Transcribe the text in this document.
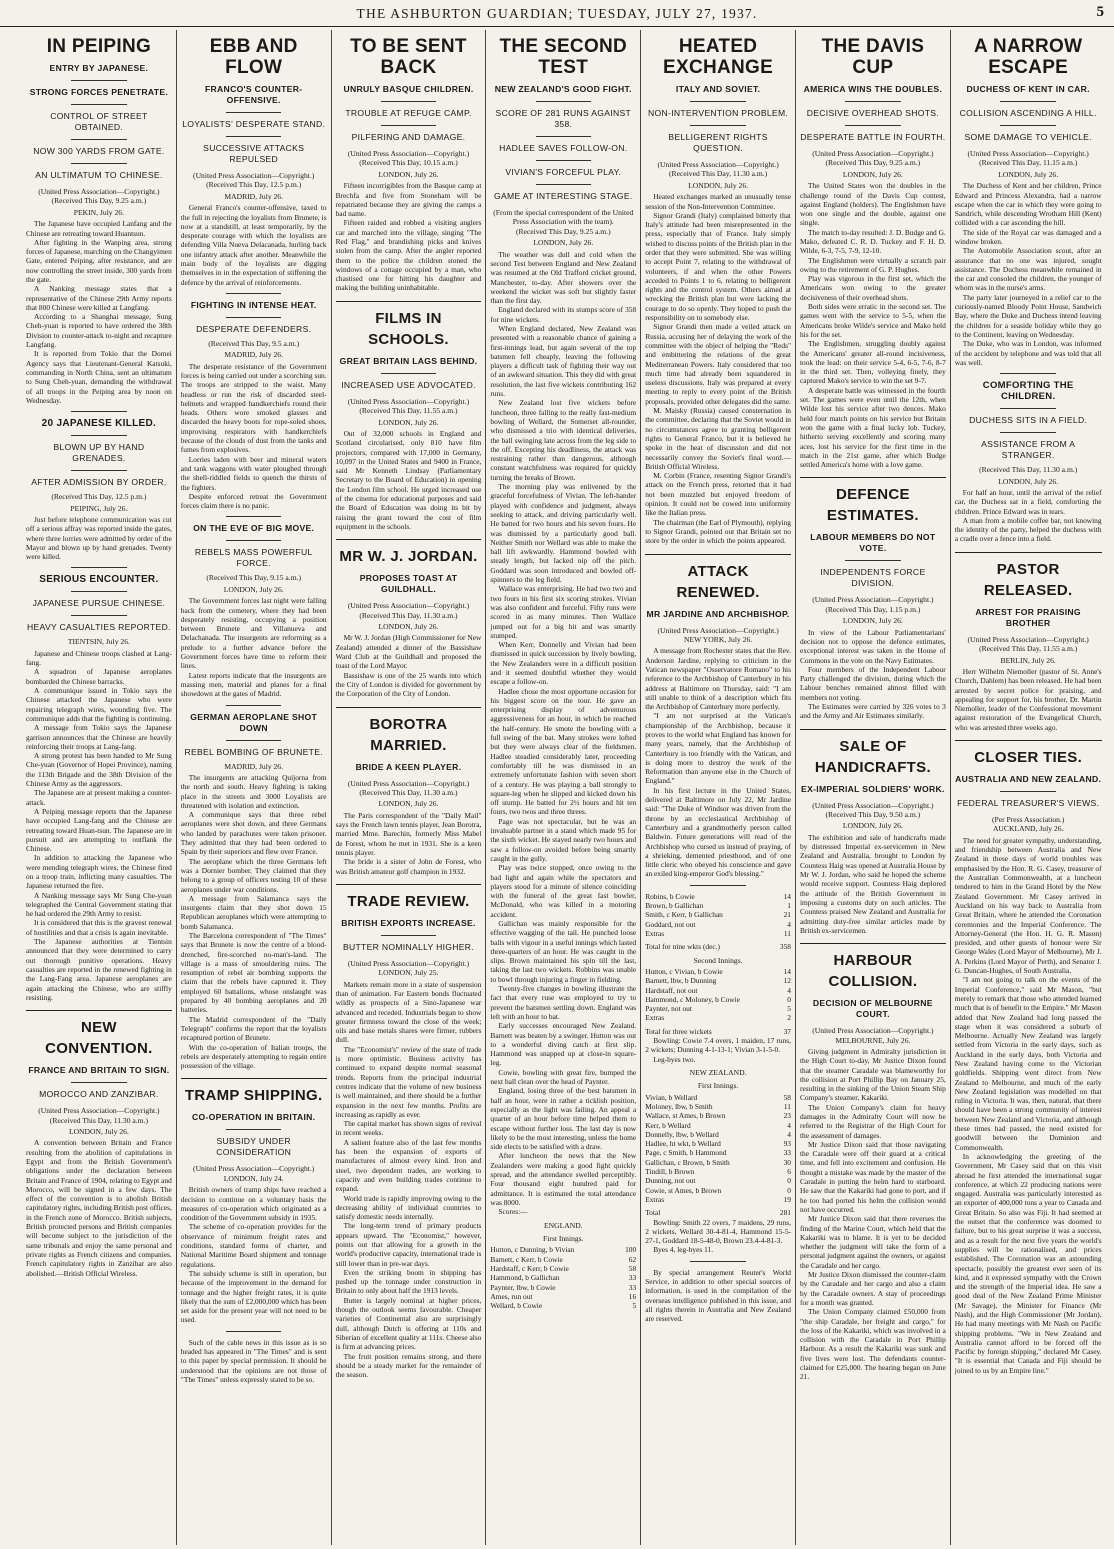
THE ASHBURTON GUARDIAN; TUESDAY, JULY 27, 1937.	5
IN PEIPING
ENTRY BY JAPANESE.
STRONG FORCES PENETRATE.
CONTROL OF STREET OBTAINED.
NOW 300 YARDS FROM GATE.
AN ULTIMATUM TO CHINESE.
(United Press Association—Copyright.)
(Received This Day, 9.25 a.m.)
PEKIN, July 26.

The Japanese have occupied Lanfang and the Chinese are retreating toward Huantsun.

After fighting in the Wanping area, strong forces of Japanese, marching on the Changyimen Gate, entered Peiping, after resistance, and are now controlling the street inside, 300 yards from the gate.

A Nanking message states that a representative of the Chinese 29th Army reports that 800 Chinese were killed at Langfang.

According to a Shanghai message, Sung Cheh-yuan is reported to have ordered the 38th Division to counter-attack to-night and recapture Langfang.

It is reported from Tokio that the Domei Agency says that Lieutenant-General Katsuki, commanding in North China, sent an ultimatum to Sung Cheh-yuan, demanding the withdrawal of all troops in the Peiping area by noon on Wednesday.

20 JAPANESE KILLED.
BLOWN UP BY HAND GRENADES.
AFTER ADMISSION BY ORDER.
(Received This Day, 12.5 p.m.)
PEIPING, July 26.

Just before telephone communication was cut off a serious affray was reported inside the gates, where three lorries were admitted by order of the Mayor and blown up by hand grenades. Twenty were killed.

SERIOUS ENCOUNTER.
JAPANESE PURSUE CHINESE.
HEAVY CASUALTIES REPORTED.
TIENTSIN, July 26.

Japanese and Chinese troops clashed at Lang-fang.

A squadron of Japanese aeroplanes bombarded the Chinese barracks.

A communique issued in Tokio says the Chinese attacked the Japanese who were repairing telegraph wires, wounding five. The communique adds that the fighting is continuing.

A message from Tokio says the Japanese garrison announces that the Chinese are heavily reinforcing their troops at Lang-fang.

A strong protest has been handed to Mr Sung Che-yuan (Governor of Hopei Province), naming the 113th Brigade and the 38th Division of the Chinese Army as the aggressors.

The Japanese are at present making a counter-attack.

A Peiping message reports that the Japanese have occupied Lang-fang and the Chinese are retreating toward Huan-tsun. The Japanese are in pursuit and are attempting to outflank the Chinese.

In addition to attacking the Japanese who were mending telegraph wires, the Chinese fired on a troop train, inflicting many casualties. The Japanese returned the fire.

A Nanking message says Mr Sung Che-yuan telegraphed the Central Government stating that he had ordered the 29th Army to resist.

It is considered that this is the gravest renewal of hostilities and that a crisis is again inevitable.

The Japanese authorities at Tientsin announced that they were determined to carry out thorough punitive operations. Heavy casualties are reported in the renewed fighting in the Lang-Fang area. Japanese aeroplanes are again attacking the Chinese, who are stiffly resisting.

NEW CONVENTION.
FRANCE AND BRITAIN TO SIGN.
MOROCCO AND ZANZIBAR.
(United Press Association—Copyright.)
(Received This Day, 11.30 a.m.)
LONDON, July 26.

A convention between Britain and France resulting from the abolition of capitulations in Egypt and from the British Government's obligations under the declaration between Britain and France of 1904, relating to Egypt and Morocco, will be signed in a few days. The effect of the convention is to abolish British capitulatory rights, including British post offices, in the French zone of Morocco. British subjects, British protected persons and British companies will become subject to the jurisdiction of the same tribunals and enjoy the same personal and private rights as French citizens and companies. French capitulatory rights in Zanzibar are also abolished.—British Official Wireless.

EBB AND FLOW
FRANCO'S COUNTER-OFFENSIVE.
LOYALISTS' DESPERATE STAND.
SUCCESSIVE ATTACKS REPULSED
(United Press Association—Copyright.)
(Received This Day, 12.5 p.m.)
MADRID, July 26.

General Franco's counter-offensive, taxed to the full in rejecting the loyalists from Brunete, is now at a standstill, at least temporarily, by the desperate courage with which the loyalists are defending Villa Nueva Delacanada, hurling back one infantry attack after another. Meanwhile the main body of the loyalists are digging themselves in in the expectation of stiffening the defence by the arrival of reinforcements.

FIGHTING IN INTENSE HEAT.
DESPERATE DEFENDERS.
(Received This Day, 9.5 a.m.)
MADRID, July 26.

The desperate resistance of the Government forces is being carried out under a scorching sun. The troops are stripped to the waist. Many headless or run the risk of discarded steel-helmets and wrapped handkerchiefs round their heads. Others wore smoked glasses and discarded the heavy boots for rope-soled shoes, improvising respirators with handkerchiefs because of the clouds of dust from the tanks and fumes from explosives.

Lorries laden with beer and mineral waters and tank waggons with water ploughed through the shell-riddled fields to quench the thirsts of the fighters.

Despite enforced retreat the Government forces claim there is no panic.

ON THE EVE OF BIG MOVE.
REBELS MASS POWERFUL FORCE.
(Received This Day, 9.15 a.m.)
LONDON, July 26.

The Government forces last night were falling back from the cemetery, where they had been desperately resisting, occupying a position between Brunete and Villanueva and Delachanada. The insurgents are reforming as a prelude to a further advance before the Government forces have time to reform their lines.

Latest reports indicate that the insurgents are massing men, material and planes for a final showdown at the gates of Madrid.

GERMAN AEROPLANE SHOT DOWN
REBEL BOMBING OF BRUNETE.
MADRID, July 26.

The insurgents are attacking Quijorna from the north and south. Heavy fighting is taking place in the streets and 3000 Loyalists are threatened with isolation and extinction.

A communique says that three rebel aeroplanes were shot down, and three Germans who landed by parachutes were taken prisoner. They admitted that they had been ordered to Spain by their superiors and flew over France.

The aeroplane which the three Germans left was a Dornier bomber. They claimed that they belong to a group of officers testing 10 of these aeroplanes under war conditions.

A message from Salamanca says the insurgents claim that they shot down 15 Republican aeroplanes which were attempting to bomb Salamanca.

The Barcelona correspondent of "The Times" says that Brunete is now the centre of a blood-drenched, fire-scorched no-man's-land. The village is a mass of smouldering ruins. The resumption of rebel air bombing supports the claim that the rebels have captured it. They employed 60 battalions, whose onslaught was prepared by 40 bombing aeroplanes and 20 batteries.

The Madrid correspondent of the "Daily Telegraph" confirms the report that the loyalists recaptured portion of Brunete.

With the co-operation of Italian troops, the rebels are desperately attempting to regain entire possession of the village.

TRAMP SHIPPING.
CO-OPERATION IN BRITAIN.
SUBSIDY UNDER CONSIDERATION
(United Press Association—Copyright.)
LONDON, July 24.

British owners of tramp ships have reached a decision to continue on a voluntary basis the measures of co-operation which originated as a condition of the Government subsidy in 1935.

The scheme of co-operation provides for the observance of minimum freight rates and conditions, standard forms of charter, and National Maritime Board shipment and tonnage regulations.

The subsidy scheme is still in operation, but because of the improvement in the demand for tonnage and the higher freight rates, it is quite likely that the sum of £2,000,000 which has been set aside for the present year will not need to be used.

Such of the cable news in this issue as is so headed has appeared in "The Times" and is sent to this paper by special permission. It should be understood that the opinions are not those of "The Times" unless expressly stated to be so.

TO BE SENT BACK
UNRULY BASQUE CHILDREN.
TROUBLE AT REFUGE CAMP.
PILFERING AND DAMAGE.
(United Press Association—Copyright.)
(Received This Day, 10.15 a.m.)
LONDON, July 26.

Fifteen incorrigibles from the Basque camp at Brechfa and five from Stoneham will be repatriated because they are giving the camps a bad name.

Fifteen raided and robbed a visiting anglers car and marched into the village, singing "The Red Flag," and brandishing picks and knives stolen from the camp. After the angler reported them to the police the children stoned the windows of a cottage occupied by a man, who chastised one for hitting his daughter and making the building uninhabitable.

FILMS IN SCHOOLS.
GREAT BRITAIN LAGS BEHIND.
INCREASED USE ADVOCATED.
(United Press Association—Copyright.)
(Received This Day, 11.55 a.m.)
LONDON, July 26.

Out of 32,000 schools in England and Scotland circularised, only 810 have film projectors, compared with 17,000 in Germany, 10,097 in the United States and 9400 in France, said Mr Kenneth Lindsay (Parliamentary Secretary to the Board of Education) in opening the London film school. He urged increased use of the cinema for educational purposes and said the Board of Education was doing its bit by raising the grant toward the cost of film equipment in the schools.

MR W. J. JORDAN.
PROPOSES TOAST AT GUILDHALL.
(United Press Association—Copyright.)
(Received This Day, 11.30 a.m.)
LONDON, July 26.

Mr W. J. Jordan (High Commissioner for New Zealand) attended a dinner of the Bassishaw Ward Club at the Guildhall and proposed the toast of the Lord Mayor.

Bassishaw is one of the 25 wards into which the City of London is divided for government by the Corporation of the City of London.

BOROTRA MARRIED.
BRIDE A KEEN PLAYER.
(United Press Association—Copyright.)
(Received This Day, 11.30 a.m.)
LONDON, July 26.

The Paris correspondent of the "Daily Mail" says the French lawn tennis player, Jean Borotra, married Mme. Barechin, formerly Miss Mabel de Forest, whom he met in 1931. She is a keen tennis player.

The bride is a sister of John de Forest, who was British amateur golf champion in 1932.

TRADE REVIEW.
BRITISH EXPORTS INCREASE.
BUTTER NOMINALLY HIGHER.
(United Press Association—Copyright.)
LONDON, July 25.

Markets remain more in a state of suspension than of animation. Far Eastern bonds fluctuated wildly as prospects of a Sino-Japanese war advanced and receded. Industrials began to show greater firmness toward the close of the week; oils and base metals shares were firmer, rubbers dull.

The "Economist's" review of the state of trade is more optimistic. Business activity has continued to expand despite normal seasonal trends. Reports from the principal industrial centres indicate that the volume of new business is well maintained, and there should be a further expansion in the next few months. Profits are increasing as rapidly as ever.

The capital market has shown signs of revival in recent weeks.

A salient feature also of the last few months has been the expansion of exports of manufactures of almost every kind. Iron and steel, two dependent trades, are working to capacity and even building trades continue to expand.

World trade is rapidly improving owing to the decreasing ability of individual countries to satisfy domestic needs internally.

The long-term trend of primary products appears upward. The "Economist," however, points out that allowing for a growth in the world's productive capacity, international trade is still lower than in pre-war days.

Even the striking boom in shipping has pushed up the tonnage under construction in Britain to only about half the 1913 levels.

Butter is largely nominal at higher prices, though the outlook seems favourable. Cheaper varieties of Continental also are surprisingly dull, although Dutch is offering at 110s and Siberian of excellent quality at 111s. Cheese also is firm at advancing prices.

The fruit position remains strong, and there should be a steady market for the remainder of the season.

THE SECOND TEST
NEW ZEALAND'S GOOD FIGHT.
SCORE OF 281 RUNS AGAINST 358.
HADLEE SAVES FOLLOW-ON.
VIVIAN'S FORCEFUL PLAY.
GAME AT INTERESTING STAGE.
(From the special correspondent of the United Press Association with the team).
(Received This Day, 9.25 a.m.)
LONDON, July 26.

The weather was dull and cold when the second Test between England and New Zealand was resumed at the Old Trafford cricket ground, Manchester, to-day. After showers over the weekend the wicket was soft but slightly faster than the first day.

England declared with its stumps score of 358 for nine wickets.

When England declared, New Zealand was presented with a reasonable chance of gaining a first-innings lead, but again several of the top batsmen fell cheaply, leaving the following players a difficult task of fighting their way out of an awkward situation. This they did with great resolution, the last five wickets contributing 162 runs.

New Zealand lost five wickets before luncheon, three falling to the really fast-medium bowling of Wellard, the Somerset all-rounder, who dismissed a trio with identical deliveries, the ball swinging late across from the leg side to the off. Excepting his deadliness, the attack was restraining rather than dangerous, although constant watchfulness was required for quickly turning the breaks of Brown.

The morning play was enlivened by the graceful forcefulness of Vivian. The left-hander played with confidence and judgment, always seeking to attack, and driving particularly well. He batted for two hours and his seven fours. He was dismissed by a particularly good ball. Neither Smith nor Wellard was able to make the ball lift awkwardly. Hammond bowled with steady length, but lacked nip off the pitch. Goddard was soon introduced and bowled off-spinners to the leg field.

Wallace was enterprising. He had two two and two fours in his first six scoring strokes. Vivian was also confident and forceful. Fifty runs were scored in as many minutes. Then Wallace jumped out for a big hit and was smartly stumped.

When Kerr, Donnelly and Vivian had been dismissed in quick succession by lively bowling, the New Zealanders were in a difficult position and it seemed doubtful whether they would escape a follow-on.

Hadlee chose the most opportune occasion for his biggest score on the tour. He gave an enterprising display of adventurous aggressiveness for an hour, in which he reached the half-century. He smote the bowling with a full swing of the bat. Many strokes were lofted but they were always clear of the fieldsmen. Hadlee steadied considerably later, proceeding comfortably till he was dismissed in an extremely unfortunate fashion with seven short of a century. He was playing a ball strongly to square-leg when he slipped and kicked down his off stump. He batted for 2½ hours and hit ten fours, two twos and three threes.

Page was not spectacular, but he was an invaluable partner in a stand which made 95 for the sixth wicket. He stayed nearly two hours and saw a follow-on avoided before being smartly caught in the gully.

Play was twice stopped, once owing to the bad light and again while the spectators and players stood for a minute of silence coinciding with the funeral of the great fast bowler, McDonald, who was killed in a motoring accident.

Gallichan was mainly responsible for the effective wagging of the tail. He punched loose balls with vigour in a useful innings which lasted three-quarters of an hour. He was caught in the slips. Brown maintained his spin till the last, taking the last two wickets. Robbins was unable to bowl through injuring a finger in fielding.

Twenty-five changes in bowling illustrate the fact that every ruse was employed to try to prevent the batsmen settling down. England was left with an hour to bat.

Early successes encouraged New Zealand. Barnett was beaten by a swinger. Hutton was out to a wonderful diving catch at first slip. Hammond was snapped up at close-in square-leg.

Cowie, bowling with great fire, bumped the next ball clean over the head of Paynter.

England, losing three of the best batsmen in half an hour, were in rather a ticklish position, especially as the light was failing. An appeal a quarter of an hour before time helped them to escape without further loss. The last day is now likely to be the most interesting, unless the home side elects to be satisfied with a draw.

After luncheon the news that the New Zealanders were making a good fight quickly spread, and the attendance swelled perceptibly. Four thousand eight hundred paid for admittance. It is estimated the total attendance was 8000.

Scores:—

ENGLAND.
First Innings.
Hutton, c Dunning, b Vivian	100
Barnett, c Kerr, b Cowie	62
Hardstaff, c Kerr, b Cowie	58
Hammond, b Gallichan	33
Paynter, lbw, b Cowie	33
Ames, run out	16
Wellard, b Cowie	5
HEATED EXCHANGE
ITALY AND SOVIET.
NON-INTERVENTION PROBLEM.
BELLIGERENT RIGHTS QUESTION.
(United Press Association—Copyright.)
(Received This Day, 11.30 a.m.)
LONDON, July 26.

Heated exchanges marked an unusually tense session of the Non-Intervention Committee.

Signor Grandi (Italy) complained bitterly that Italy's attitude had been misrepresented in the press, especially that of France. Italy simply wished to discuss points of the British plan in the order that they were submitted. She was willing to accept Point 7, relating to the withdrawal of volunteers, if and when the other Powers acceded to Points 1 to 6, relating to belligerent rights and the control system. Others aimed at wrecking the British plan but were lacking the courage to do so openly. They hoped to push the responsibility on to somebody else.

Signor Grandi then made a veiled attack on Russia, accusing her of delaying the work of the committee with the object of helping the "Reds" and embittering the relations of the great Mediterranean Powers. Italy considered that too much time had already been squandered in useless discussions. Italy was prepared at every meeting to reply to every point of the British proposals, provided other delegates did the same.

M. Maisky (Russia) caused consternation in the committee, declaring that the Soviet would in no circumstances agree to granting belligerent rights to General Franco, but it is believed he spoke in the heat of discussion and did not necessarily convey the Soviet's final word.—British Official Wireless.

M. Corbin (France, resenting Signor Grandi's attack on the French press, retorted that it had not been muzzled but enjoyed freedom of opinion. It could not be cowed into uniformity like the Italian press.

The chairman (the Earl of Plymouth), replying to Signor Grandi, pointed out that Britain set no store by the order in which the points appeared.

ATTACK RENEWED.
MR JARDINE AND ARCHBISHOP.
(United Press Association—Copyright.)
NEW YORK, July 26.

A message from Rochester states that the Rev. Anderson Jardine, replying to criticism in the Vatican newspaper "Osservatore Romano" to his reference to the Archbishop of Canterbury in his address at Baltimore on Thursday, said: "I am still unable to think of a description which fits the Archbishop of Canterbury more perfectly.

"I am not surprised at the Vatican's championship of the Archbishop, because it proves to the world what England has known for many years, namely, that the Archbishop of Canterbury is too friendly with the Vatican, and is doing more to destroy the work of the Reformation than anyone else in the Church of England."

In his first lecture in the United States, delivered at Baltimore on July 22, Mr Jardine said: "The Duke of Windsor was driven from the throne by an ecclesiastical Archbishop of Canterbury and a grandmotherly person called Baldwin. Future generations will read of the Archbishop who cursed us instead of praying, of a shrieking, demented priesthood, and of one little cleric who obeyed his conscience and gave an exiled king-emperor God's blessing."

Robins, b Cowie	14
Brown, b Gallichan	1
Smith, c Kerr, b Gallichan	21
Goddard, not out	4
Extras	11
Total for nine wkts (dec.)	358
Second Innings.
Hutton, c Vivian, b Cowie	14
Barnett, lbw, b Dunning	12
Hardstaff, not out	4
Hammond, c Moloney, b Cowie	0
Paynter, not out	5
Extras	2
Total for three wickets	37

Bowling: Cowie 7.4 overs, 1 maiden, 17 runs, 2 wickets; Dunning 4-1-13-1; Vivian 3-1-5-0.

Leg-byes two.

NEW ZEALAND.
First Innings.
Vivian, b Wellard	58
Moloney, lbw, b Smith	11
Wallace, st Ames, b Brown	23
Kerr, b Wellard	4
Donnelly, lbw, b Wellard	4
Hadlee, ht wkt, b Wellard	93
Page, c Smith, b Hammond	33
Gallichan, c Brown, b Smith	30
Tindill, b Brown	6
Dunning, not out	0
Cowie, st Ames, b Brown	0
Extras	19
Total	281

Bowling: Smith 22 overs, 7 maidens, 29 runs, 2 wickets, Wellard 30-4-81-4, Hammond 15-5-27-1, Goddard 18-5-48-0, Brown 23.4-4-81-3.

Byes 4, leg-byes 11.

By special arrangement Reuter's World Service, in addition to other special sources of information, is used in the compilation of the overseas intelligence published in this issue, and all rights therein in Australia and New Zealand are reserved.

THE DAVIS CUP
AMERICA WINS THE DOUBLES.
DECISIVE OVERHEAD SHOTS.
DESPERATE BATTLE IN FOURTH.
(United Press Association—Copyright.)
(Received This Day, 9.25 a.m.)
LONDON, July 26.

The United States won the doubles in the challenge round of the Davis Cup contest, against England (holders). The Englishmen have won one single and the double, against one single.

The match to-day resulted: J. D. Budge and G. Mako, defeated C. R. D. Tuckey and F. H. D. Wilde, 6-3, 7-5, 7-9, 12-10.

The Englishmen were virtually a scratch pair owing to the retirement of G. P. Hughes.

Play was vigorous in the first set, which the Americans won owing to the greater decisiveness of their overhead shots.

Both sides were erratic in the second set. The games went with the service to 5-5, when the Americans broke Wilde's service and Mako held his for the set.

The Englishmen, struggling doubly against the Americans' greater all-round incisiveness, took the lead: on their service 5-4, 6-5, 7-6, 8-7 in the third set. Then, volleying finely, they captured Mako's service to win the set 9-7.

A desperate battle was witnessed in the fourth set. The games were even until the 12th, when Wilde lost his service after two deuces. Mako held four match points on his service but Britain won the game with a final lucky lob. Tuckey, hitherto serving excellently and scoring many aces, lost his service for the first time in the match in the 21st game, after which Budge settled America's home with a love game.

DEFENCE ESTIMATES.
LABOUR MEMBERS DO NOT VOTE.
INDEPENDENTS FORCE DIVISION.
(United Press Association—Copyright.)
(Received This Day, 1.15 p.m.)
LONDON, July 26.

In view of the Labour Parliamentarians' decision not to oppose the defence estimates, exceptional interest was taken in the House of Commons in the vote on the Navy Estimates.

Four members of the Independent Labour Party challenged the division, during which the Labour benches remained almost filled with members not voting.

The Estimates were carried by 326 votes to 3 and the Army and Air Estimates similarly.

SALE OF HANDICRAFTS.
EX-IMPERIAL SOLDIERS' WORK.
(United Press Association—Copyright.)
(Received This Day, 9.50 a.m.)
LONDON, July 26.

The exhibition and sale of handicrafts made by distressed Imperial ex-servicemen in New Zealand and Australia, brought to London by Countess Haig was opened at Australia House by Mr W. J. Jordan, who said he hoped the scheme would receive support. Countess Haig deplored the attitude of the British Government in imposing a customs duty on such articles. The Countess praised New Zealand and Australia for admitting duty-free similar articles made by British ex-servicemen.

HARBOUR COLLISION.
DECISION OF MELBOURNE COURT.
(United Press Association—Copyright.)
MELBOURNE, July 26.

Giving judgment in Admiralty jurisdiction in the High Court to-day, Mr Justice Dixon found that the steamer Caradale was blameworthy for the collision at Port Phillip Bay on January 25, resulting in the sinking of the Union Steam Ship Company's steamer, Kakariki.

The Union Company's claim for heavy damages in the Admiralty Court will now be referred to the Registrar of the High Court for the assessment of damages.

Mr Justice Dixon said that those navigating the Caradale were off their guard at a critical time, and fell into excitement and confusion. He thought a mistake was made by the master of the Caradale in putting the helm hard to starboard. He saw that the Kakariki had gone to port, and if he too had ported his helm the collision would not have occurred.

Mr Justice Dixon said that there reverses the finding of the Marine Court, which held that the Kakariki was to blame. It is yet to be decided whether the judgment will take the form of a personal judgment against the owners, or against the Caradale and her cargo.

Mr Justice Dixon dismissed the counter-claim by the Caradale and her cargo and also a claim by the Caradale owners. A stay of proceedings for a month was granted.

The Union Company claimed £50,000 from "the ship Caradale, her freight and cargo," for the loss of the Kakariki, which was involved in a collision with the Caradale in Port Phillip Harbour. As a result the Kakariki was sunk and five lives were lost. The defendants counter-claimed for £25,000. The hearing began on June 21.

A NARROW ESCAPE
DUCHESS OF KENT IN CAR.
COLLISION ASCENDING A HILL.
SOME DAMAGE TO VEHICLE.
(United Press Association—Copyright.)
(Received This Day, 11.15 a.m.)
LONDON, July 26.

The Duchess of Kent and her children, Prince Edward and Princess Alexandra, had a narrow escape when the car in which they were going to Sandrich, while descending Wrotham Hill (Kent) collided with a car ascending the hill.

The side of the Royal car was damaged and a window broken.

The Automobile Association scout, after an assurance that no one was injured, sought assistance. The Duchess meanwhile remained in the car and consoled the children, the younger of whom was in the nurse's arms.

The party later journeyed in a relief car to the curiously-named Bloody Point House, Sandwich Bay, where the Duke and Duchess intend leaving the children for a seaside holiday while they go to the Continent, leaving on Wednesday.

The Duke, who was in London, was informed of the accident by telephone and was told that all was well.

COMFORTING THE CHILDREN.
DUCHESS SITS IN A FIELD.
ASSISTANCE FROM A STRANGER.
(Received This Day, 11.30 a.m.)
LONDON, July 26.

For half an hour, until the arrival of the relief car, the Duchess sat in a field, comforting the children. Prince Edward was in tears.

A man from a mobile coffee bar, not knowing the identity of the party, helped the duchess with a cradle over a fence into a field.

PASTOR RELEASED.
ARREST FOR PRAISING BROTHER
(United Press Association—Copyright.)
(Received This Day, 11.55 a.m.)
BERLIN, July 26.

Herr Wilhelm Niemoller (pastor of St. Anne's Church, Dahlem) has been released. He had been arrested by secret police for praising, and appealing for support for, his brother, Dr. Martin Niemoller, leader of the Confessional movement against restoration of the Evangelical Church, who was arrested three weeks ago.

CLOSER TIES.
AUSTRALIA AND NEW ZEALAND.
FEDERAL TREASURER'S VIEWS.
(Per Press Association.)
AUCKLAND, July 26.

The need for greater sympathy, understanding, and friendship between Australia and New Zealand in these days of world troubles was emphasised by the Hon. R. G. Casey, treasurer of the Australian Commonwealth, at a luncheon tendered to him in the Grand Hotel by the New Zealand Government. Mr Casey arrived in Auckland on his way back to Australia from Great Britain, where he attended the Coronation ceremonies and the Imperial Conference. The Attorney-General (the Hon. H. G. R. Mason) presided, and other guests of honour were Sir George Wales (Lord Mayor of Melbourne), Mr J. A. Perkins (Lord Mayor of Perth), and Senator J. G. Duncan-Hughes, of South Australia.

"I am not going to talk on the events of the Imperial Conference," said Mr Mason, "but merely to remark that those who attended learned much that is of benefit to the Empire." Mr Mason added that New Zealand had long passed the stage when it was considered a suburb of Melbourne. Actually New Zealand was largely settled from Victoria in the early days, such as Auckland in the early days, both Victoria and New Zealand having come to the Victorian goldfields. Shipping went direct from New Zealand to Melbourne, and much of the early New Zealand legislation was modelled on that ruling in Victoria. It was, then, natural, that there should have been a strong community of interest between New Zealand and Victoria, and although these times had passed, the need existed for goodwill between the Dominion and Commonwealth.

In acknowledging the greeting of the Government, Mr Casey said that on this visit abroad he first attended the international sugar conference, at which 22 producing nations were engaged. Australia was particularly interested as an exporter of 400,000 tons a year to Canada and Great Britain. So also was Fiji. It had seemed at the outset that the conference was doomed to failure, but to his great surprise it was a success, and as a result for the next five years the world's supplies will be rationalised, and prices established. The Coronation was an astounding spectacle, possibly the greatest ever seen of its kind, and it expressed sympathy with the Crown and the strength of the Imperial idea. He saw a good deal of the New Zealand Prime Minister (Mr Savage), the Minister for Finance (Mr Nash), and the High Commissioner (Mr Jordan). He had many meetings with Mr Nash on Pacific shipping problems. "We in New Zealand and Australia cannot afford to be forced off the Pacific by foreign shipping," declared Mr Casey. "It is essential that Canada and Fiji should be joined to us by an Empire line."
